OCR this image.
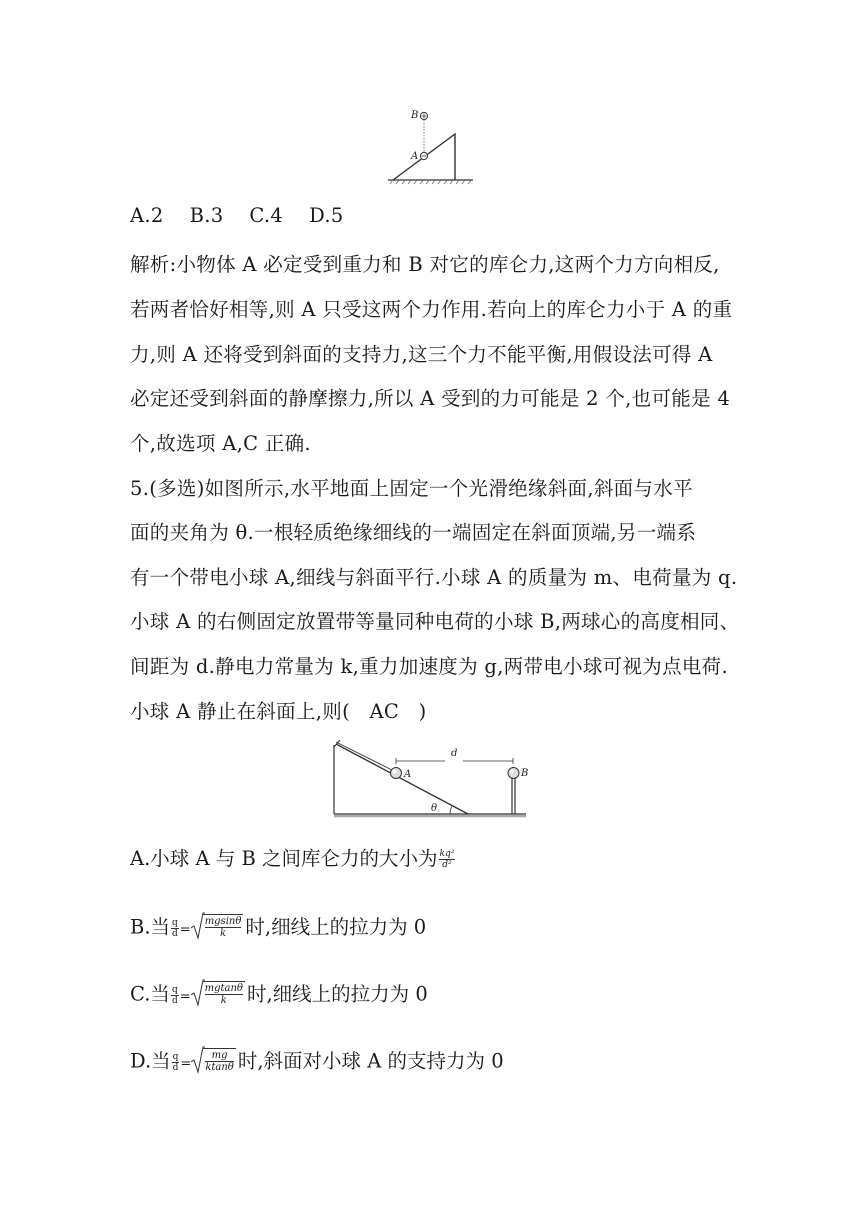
B
A
A.2    B.3    C.4    D.5
解析:小物体 A 必定受到重力和 B 对它的库仑力,这两个力方向相反,
若两者恰好相等,则 A 只受这两个力作用.若向上的库仑力小于 A 的重
力,则 A 还将受到斜面的支持力,这三个力不能平衡,用假设法可得 A
必定还受到斜面的静摩擦力,所以 A 受到的力可能是 2 个,也可能是 4
个,故选项 A,C 正确.
5.(多选)如图所示,水平地面上固定一个光滑绝缘斜面,斜面与水平
面的夹角为 θ.一根轻质绝缘细线的一端固定在斜面顶端,另一端系
有一个带电小球 A,细线与斜面平行.小球 A 的质量为 m、电荷量为 q.
小球 A 的右侧固定放置带等量同种电荷的小球 B,两球心的高度相同、
间距为 d.静电力常量为 k,重力加速度为 g,两带电小球可视为点电荷.
小球 A 静止在斜面上,则(   AC   )
A	B
d
θ
A.小球 A 与 B 之间库仑力的大小为 $\frac{\text{kq²}}{\text{d²}}$
B.当 $\frac{q}{d} = \frac{mgsin\theta}{k}$ 时,细线上的拉力为 0
C.当 $\frac{q}{d} = \frac{mgtan\theta}{k}$ 时,细线上的拉力为 0
D.当 $\frac{q}{d} = \frac{mg}{ktan\theta}$ 时,斜面对小球 A 的支持力为 0
